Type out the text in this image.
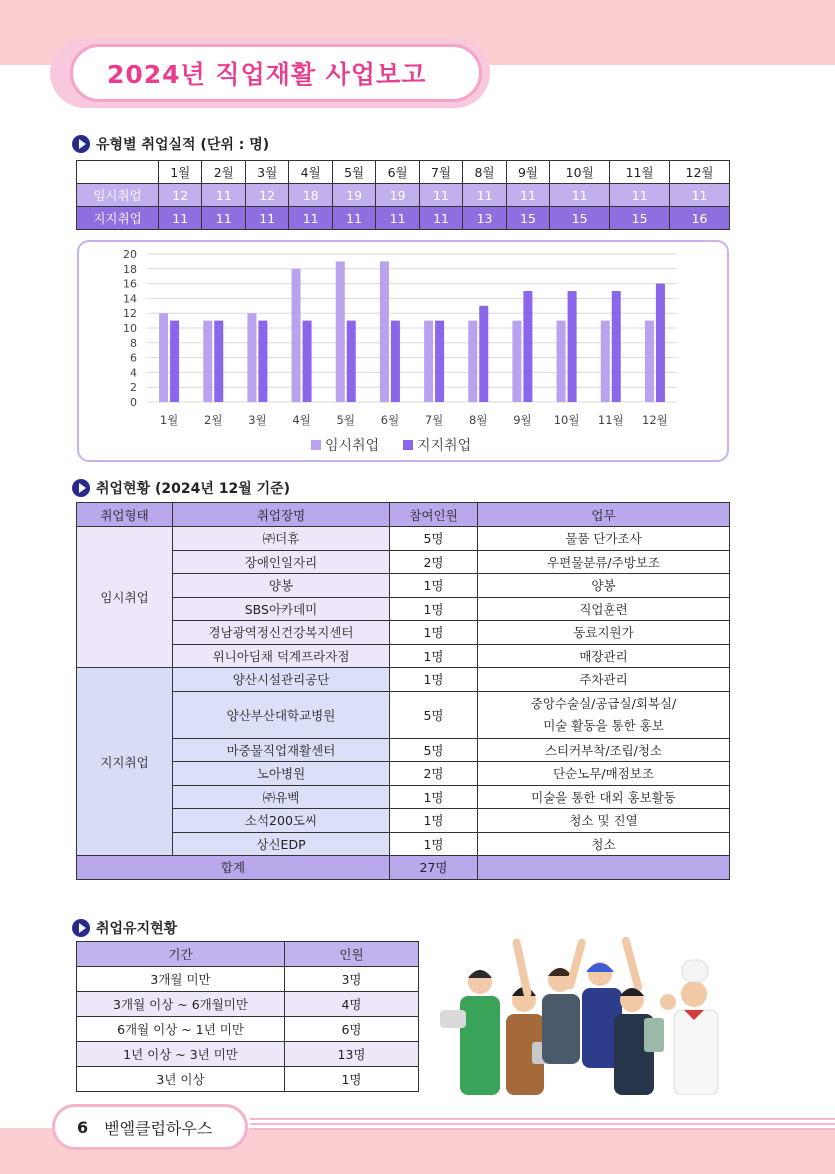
2024년 직업재활 사업보고
유형별 취업실적 (단위 : 명)
	1월	2월	3월	4월	5월	6월	7월	8월	9월	10월	11월	12월
임시취업	12	11	12	18	19	19	11	11	11	11	11	11
지지취업	11	11	11	11	11	11	11	13	15	15	15	16
0
2
4
6
8
10
12
14
16
18
20
1월 2월 3월 4월 5월 6월 7월 8월 9월 10월 11월 12월
임시취업	지지취업
취업현황 (2024년 12월 기준)
취업형태	취업장명	참여인원	업무
임시취업	㈜더휴	5명	물품 단가조사
	장애인일자리	2명	우편물분류/주방보조
	양봉	1명	양봉
	SBS아카데미	1명	직업훈련
	경남광역정신건강복지센터	1명	동료지원가
	위니아딤채 덕계프라자점	1명	매장관리
지지취업	양산시설관리공단	1명	주차관리
	양산부산대학교병원	5명	중앙수술실/공급실/회복실/
미술 활동을 통한 홍보

	마중물직업재활센터	5명	스티커부착/조립/청소
	노아병원	2명	단순노무/매점보조
	㈜유벡	1명	미술을 통한 대외 홍보활동
	소석200도씨	1명	청소 및 진열
	상신EDP	1명	청소
합계		27명	
취업유지현황
기간	인원
3개월 미만	3명
3개월 이상 ~ 6개월미만	4명
6개월 이상 ~ 1년 미만	6명
1년 이상 ~ 3년 미만	13명
3년 이상	1명
6 벧엘클럽하우스
